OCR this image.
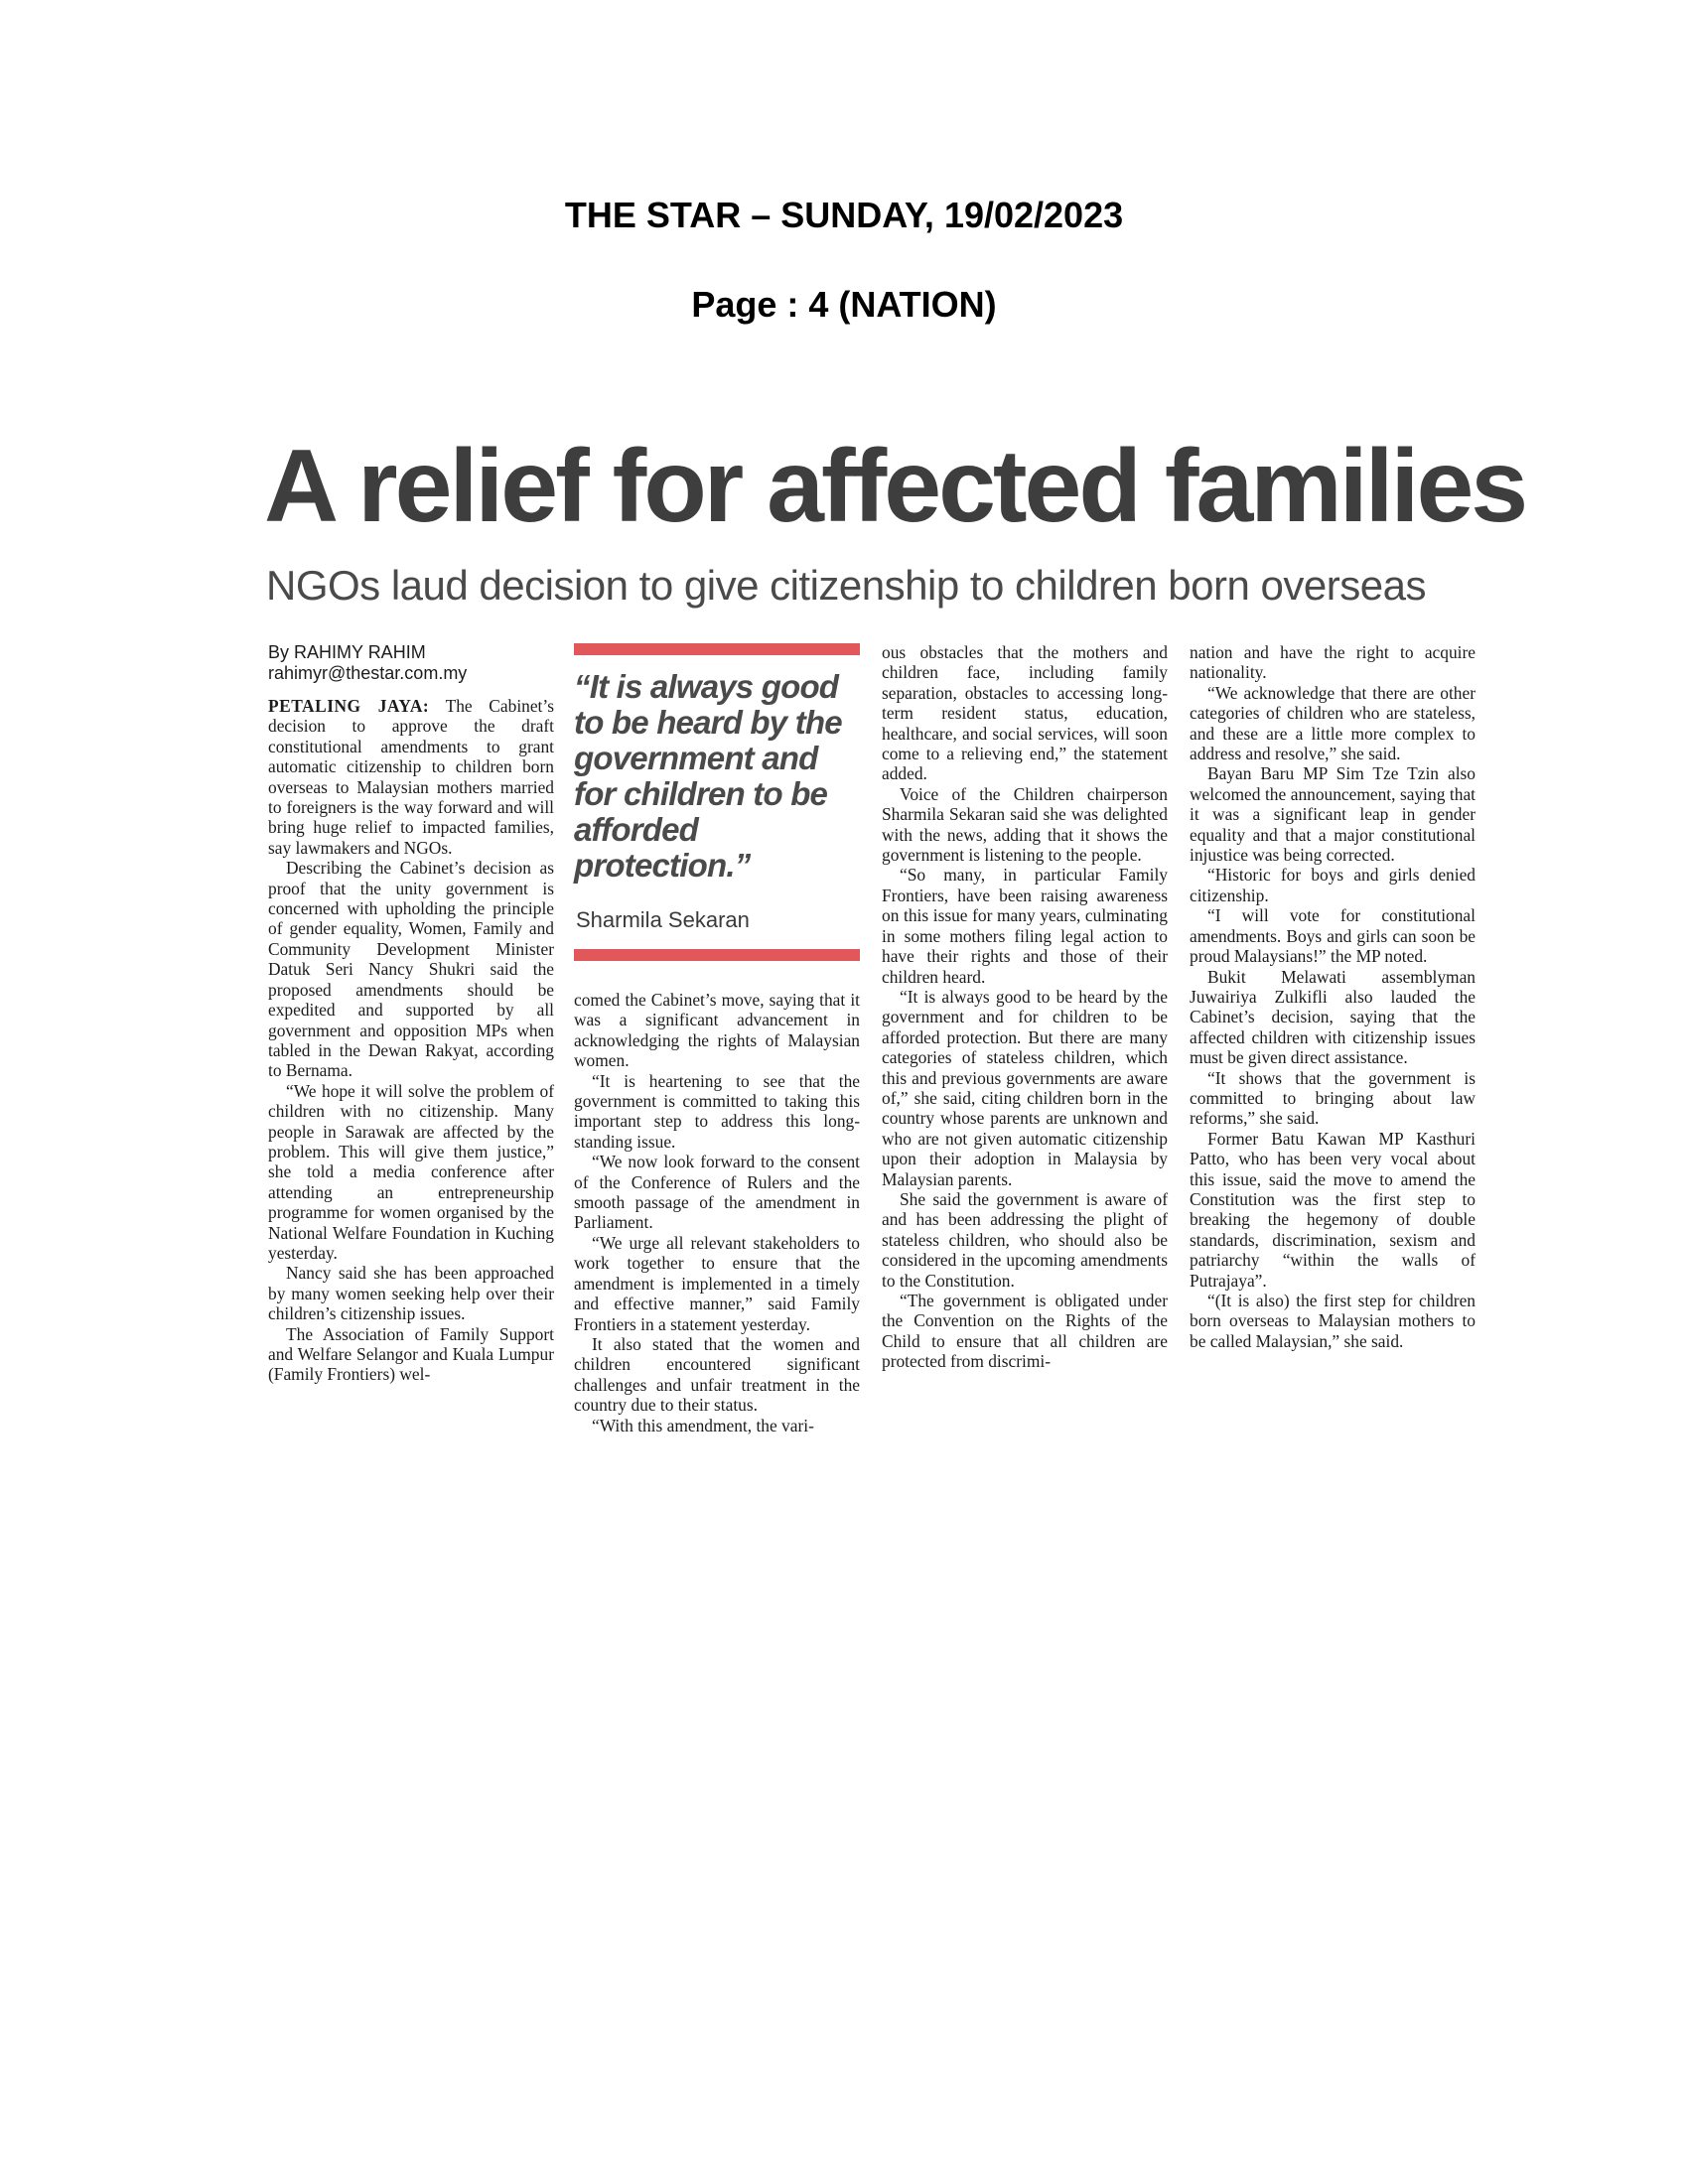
THE STAR – SUNDAY, 19/02/2023
Page : 4 (NATION)
A relief for affected families
NGOs laud decision to give citizenship to children born overseas
By RAHIMY RAHIM
rahimyr@thestar.com.my

PETALING JAYA: The Cabinet’s decision to approve the draft constitutional amendments to grant automatic citizenship to children born overseas to Malaysian mothers married to foreigners is the way forward and will bring huge relief to impacted families, say lawmakers and NGOs.

Describing the Cabinet’s decision as proof that the unity government is concerned with upholding the principle of gender equality, Women, Family and Community Development Minister Datuk Seri Nancy Shukri said the proposed amendments should be expedited and supported by all government and opposition MPs when tabled in the Dewan Rakyat, according to Bernama.

“We hope it will solve the problem of children with no citizenship. Many people in Sarawak are affected by the problem. This will give them justice,” she told a media conference after attending an entrepreneurship programme for women organised by the National Welfare Foundation in Kuching yesterday.

Nancy said she has been approached by many women seeking help over their children’s citizenship issues.

The Association of Family Support and Welfare Selangor and Kuala Lumpur (Family Frontiers) wel-

“It is always good to be heard by the government and for children to be afforded protection.”
Sharmila Sekaran

comed the Cabinet’s move, saying that it was a significant advancement in acknowledging the rights of Malaysian women.

“It is heartening to see that the government is committed to taking this important step to address this long-standing issue.

“We now look forward to the consent of the Conference of Rulers and the smooth passage of the amendment in Parliament.

“We urge all relevant stakeholders to work together to ensure that the amendment is implemented in a timely and effective manner,” said Family Frontiers in a statement yesterday.

It also stated that the women and children encountered significant challenges and unfair treatment in the country due to their status.

“With this amendment, the vari-

ous obstacles that the mothers and children face, including family separation, obstacles to accessing long-term resident status, education, healthcare, and social services, will soon come to a relieving end,” the statement added.

Voice of the Children chairperson Sharmila Sekaran said she was delighted with the news, adding that it shows the government is listening to the people.

“So many, in particular Family Frontiers, have been raising awareness on this issue for many years, culminating in some mothers filing legal action to have their rights and those of their children heard.

“It is always good to be heard by the government and for children to be afforded protection. But there are many categories of stateless children, which this and previous governments are aware of,” she said, citing children born in the country whose parents are unknown and who are not given automatic citizenship upon their adoption in Malaysia by Malaysian parents.

She said the government is aware of and has been addressing the plight of stateless children, who should also be considered in the upcoming amendments to the Constitution.

“The government is obligated under the Convention on the Rights of the Child to ensure that all children are protected from discrimi-

nation and have the right to acquire nationality.

“We acknowledge that there are other categories of children who are stateless, and these are a little more complex to address and resolve,” she said.

Bayan Baru MP Sim Tze Tzin also welcomed the announcement, saying that it was a significant leap in gender equality and that a major constitutional injustice was being corrected.

“Historic for boys and girls denied citizenship.

“I will vote for constitutional amendments. Boys and girls can soon be proud Malaysians!” the MP noted.

Bukit Melawati assemblyman Juwairiya Zulkifli also lauded the Cabinet’s decision, saying that the affected children with citizenship issues must be given direct assistance.

“It shows that the government is committed to bringing about law reforms,” she said.

Former Batu Kawan MP Kasthuri Patto, who has been very vocal about this issue, said the move to amend the Constitution was the first step to breaking the hegemony of double standards, discrimination, sexism and patriarchy “within the walls of Putrajaya”.

“(It is also) the first step for children born overseas to Malaysian mothers to be called Malaysian,” she said.
